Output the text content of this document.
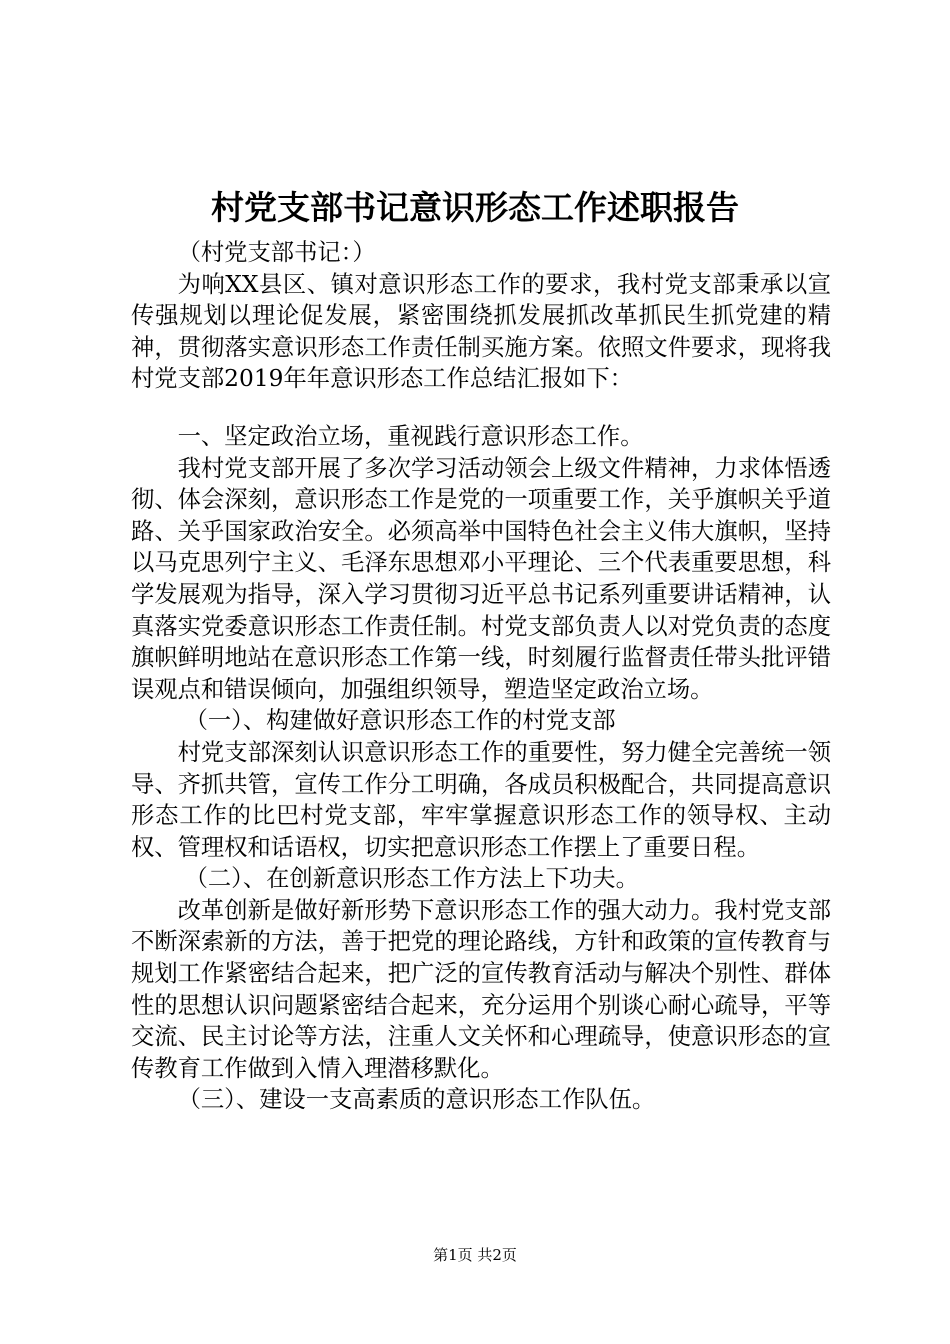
村党支部书记意识形态工作述职报告

（村党支部书记：）

为响XX县区、镇对意识形态工作的要求，我村党支部秉承以宣传强规划以理论促发展，紧密围绕抓发展抓改革抓民生抓党建的精神，贯彻落实意识形态工作责任制买施方案。依照文件要求，现将我村党支部2019年年意识形态工作总结汇报如下：

一、坚定政治立场，重视践行意识形态工作。

我村党支部开展了多次学习活动领会上级文件精神，力求体悟透彻、体会深刻，意识形态工作是党的一项重要工作，关乎旗帜关乎道路、关乎国家政治安全。必须高举中国特色社会主义伟大旗帜，坚持以马克思列宁主义、毛泽东思想邓小平理论、三个代表重要思想，科学发展观为指导，深入学习贯彻习近平总书记系列重要讲话精神，认真落实党委意识形态工作责任制。村党支部负责人以对党负责的态度旗帜鲜明地站在意识形态工作第一线，时刻履行监督责任带头批评错误观点和错误倾向，加强组织领导，塑造坚定政治立场。

（一）、构建做好意识形态工作的村党支部

村党支部深刻认识意识形态工作的重要性，努力健全完善统一领导、齐抓共管，宣传工作分工明确，各成员积极配合，共同提高意识形态工作的比巴村党支部，牢牢掌握意识形态工作的领导权、主动权、管理权和话语权，切实把意识形态工作摆上了重要日程。

（二）、在创新意识形态工作方法上下功夫。

改革创新是做好新形势下意识形态工作的强大动力。我村党支部不断深索新的方法，善于把党的理论路线，方针和政策的宣传教育与规划工作紧密结合起来，把广泛的宣传教育活动与解决个别性、群体性的思想认识问题紧密结合起来，充分运用个别谈心耐心疏导，平等交流、民主讨论等方法，注重人文关怀和心理疏导，使意识形态的宣传教育工作做到入情入理潜移默化。

（三）、建设一支高素质的意识形态工作队伍。

第1页 共2页
